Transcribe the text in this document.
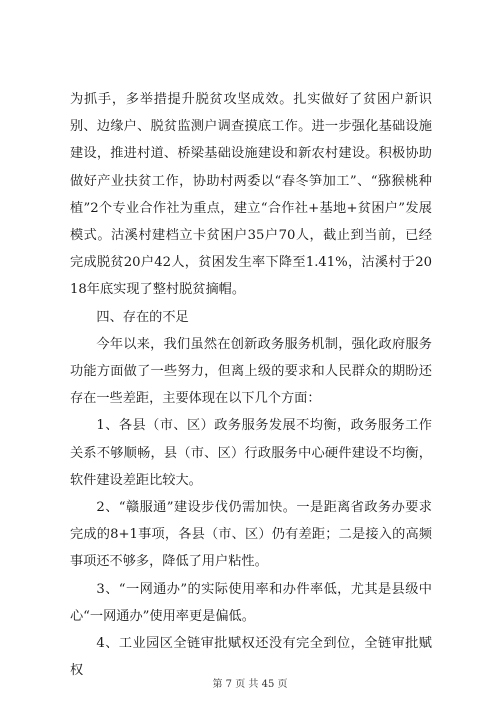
为抓手，多举措提升脱贫攻坚成效。扎实做好了贫困户新识别、边缘户、脱贫监测户调查摸底工作。进一步强化基础设施建设，推进村道、桥梁基础设施建设和新农村建设。积极协助做好产业扶贫工作，协助村两委以“春冬笋加工”、“猕猴桃种植”2个专业合作社为重点，建立“合作社+基地+贫困户”发展模式。沽溪村建档立卡贫困户35户70人，截止到当前，已经完成脱贫20户42人，贫困发生率下降至1.41%，沽溪村于2018年底实现了整村脱贫摘帽。

四、存在的不足

今年以来，我们虽然在创新政务服务机制，强化政府服务功能方面做了一些努力，但离上级的要求和人民群众的期盼还存在一些差距，主要体现在以下几个方面：

1、各县（市、区）政务服务发展不均衡，政务服务工作关系不够顺畅，县（市、区）行政服务中心硬件建设不均衡，软件建设差距比较大。

2、“赣服通”建设步伐仍需加快。一是距离省政务办要求完成的8+1事项，各县（市、区）仍有差距；二是接入的高频事项还不够多，降低了用户粘性。

3、“一网通办”的实际使用率和办件率低，尤其是县级中心“一网通办”使用率更是偏低。

4、工业园区全链审批赋权还没有完全到位，全链审批赋权

第 7 页 共 45 页
